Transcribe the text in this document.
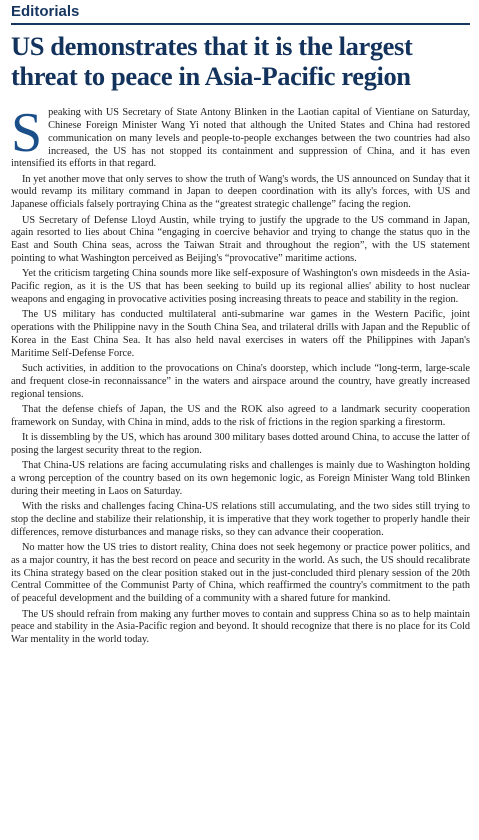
Editorials
US demonstrates that it is the largest threat to peace in Asia-Pacific region

Speaking with US Secretary of State Antony Blinken in the Laotian capital of Vientiane on Saturday, Chinese Foreign Minister Wang Yi noted that although the United States and China had restored communication on many levels and people-to-people exchanges between the two countries had also increased, the US has not stopped its containment and suppression of China, and it has even intensified its efforts in that regard.

In yet another move that only serves to show the truth of Wang's words, the US announced on Sunday that it would revamp its military command in Japan to deepen coordination with its ally's forces, with US and Japanese officials falsely portraying China as the “greatest strategic challenge” facing the region.

US Secretary of Defense Lloyd Austin, while trying to justify the upgrade to the US command in Japan, again resorted to lies about China “engaging in coercive behavior and trying to change the status quo in the East and South China seas, across the Taiwan Strait and throughout the region”, with the US statement pointing to what Washington perceived as Beijing's “provocative” maritime actions.

Yet the criticism targeting China sounds more like self-exposure of Washington's own misdeeds in the Asia-Pacific region, as it is the US that has been seeking to build up its regional allies' ability to host nuclear weapons and engaging in provocative activities posing increasing threats to peace and stability in the region.

The US military has conducted multilateral anti-submarine war games in the Western Pacific, joint operations with the Philippine navy in the South China Sea, and trilateral drills with Japan and the Republic of Korea in the East China Sea. It has also held naval exercises in waters off the Philippines with Japan's Maritime Self-Defense Force.

Such activities, in addition to the provocations on China's doorstep, which include “long-term, large-scale and frequent close-in reconnaissance” in the waters and airspace around the country, have greatly increased regional tensions.

That the defense chiefs of Japan, the US and the ROK also agreed to a landmark security cooperation framework on Sunday, with China in mind, adds to the risk of frictions in the region sparking a firestorm.

It is dissembling by the US, which has around 300 military bases dotted around China, to accuse the latter of posing the largest security threat to the region.

That China-US relations are facing accumulating risks and challenges is mainly due to Washington holding a wrong perception of the country based on its own hegemonic logic, as Foreign Minister Wang told Blinken during their meeting in Laos on Saturday.

With the risks and challenges facing China-US relations still accumulating, and the two sides still trying to stop the decline and stabilize their relationship, it is imperative that they work together to properly handle their differences, remove disturbances and manage risks, so they can advance their cooperation.

No matter how the US tries to distort reality, China does not seek hegemony or practice power politics, and as a major country, it has the best record on peace and security in the world. As such, the US should recalibrate its China strategy based on the clear position staked out in the just-concluded third plenary session of the 20th Central Committee of the Communist Party of China, which reaffirmed the country's commitment to the path of peaceful development and the building of a community with a shared future for mankind.

The US should refrain from making any further moves to contain and suppress China so as to help maintain peace and stability in the Asia-Pacific region and beyond. It should recognize that there is no place for its Cold War mentality in the world today.
